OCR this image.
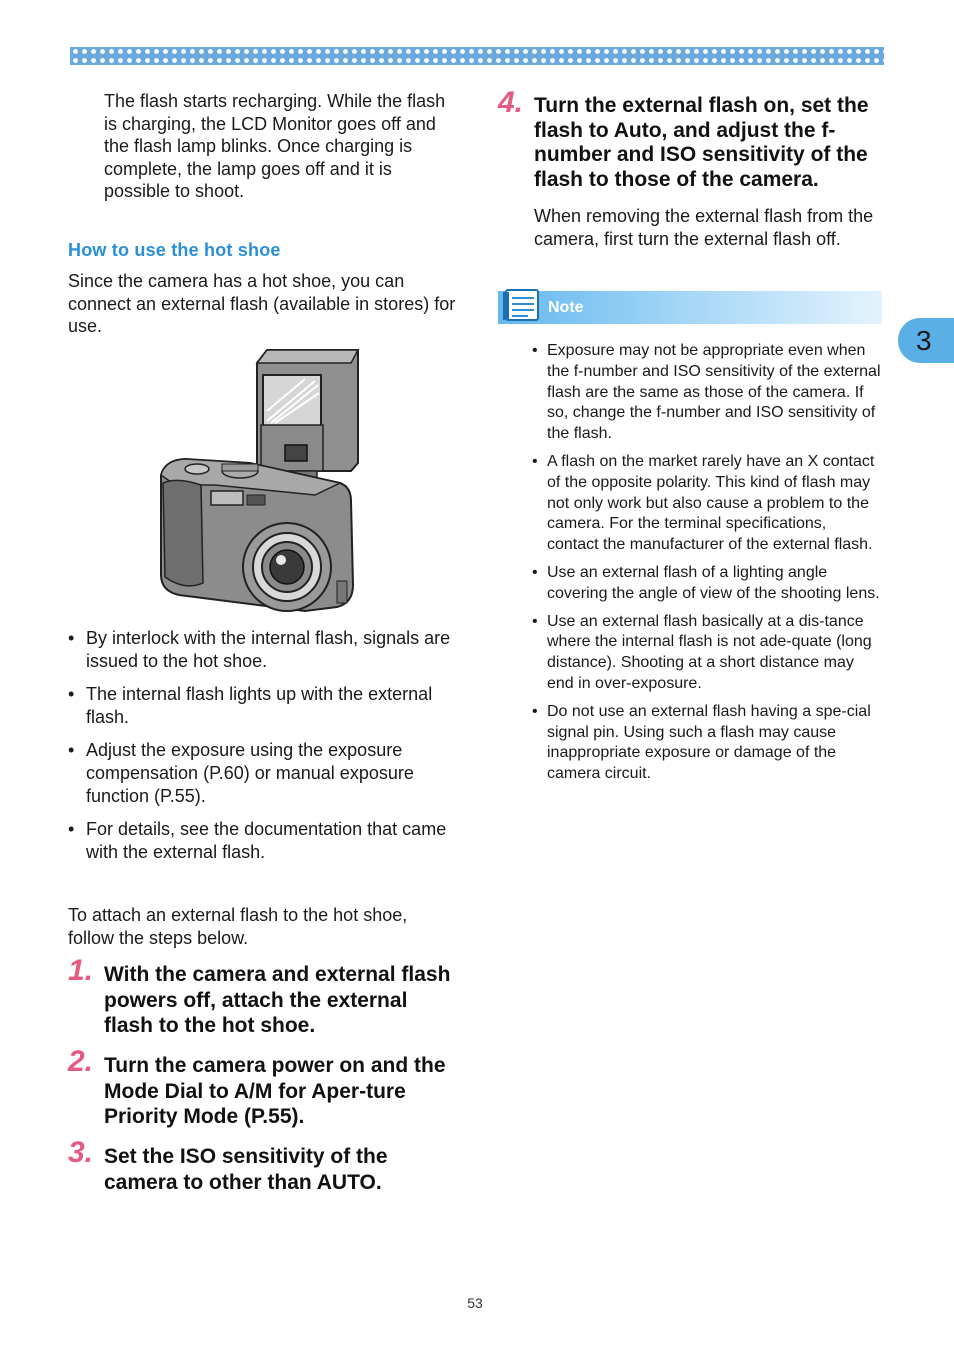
3

The flash starts recharging. While the flash is charging, the LCD Monitor goes off and the flash lamp blinks. Once charging is complete, the lamp goes off and it is possible to shoot.

How to use the hot shoe

Since the camera has a hot shoe, you can connect an external flash (available in stores) for use.

• By interlock with the internal flash, signals are issued to the hot shoe.
• The internal flash lights up with the external flash.
• Adjust the exposure using the exposure compensation (P.60) or manual exposure function (P.55).
• For details, see the documentation that came with the external flash.

To attach an external flash to the hot shoe, follow the steps below.

1. With the camera and external flash powers off, attach the external flash to the hot shoe.
2. Turn the camera power on and the Mode Dial to A/M for Aper-ture Priority Mode (P.55).
3. Set the ISO sensitivity of the camera to other than AUTO.
4. Turn the external flash on, set the flash to Auto, and adjust the f-number and ISO sensitivity of the flash to those of the camera.

When removing the external flash from the camera, first turn the external flash off.

Note
• Exposure may not be appropriate even when the f-number and ISO sensitivity of the external flash are the same as those of the camera. If so, change the f-number and ISO sensitivity of the flash.
• A flash on the market rarely have an X contact of the opposite polarity. This kind of flash may not only work but also cause a problem to the camera. For the terminal specifications, contact the manufacturer of the external flash.
• Use an external flash of a lighting angle covering the angle of view of the shooting lens.
• Use an external flash basically at a dis-tance where the internal flash is not ade-quate (long distance). Shooting at a short distance may end in over-exposure.
• Do not use an external flash having a spe-cial signal pin. Using such a flash may cause inappropriate exposure or damage of the camera circuit.
53
